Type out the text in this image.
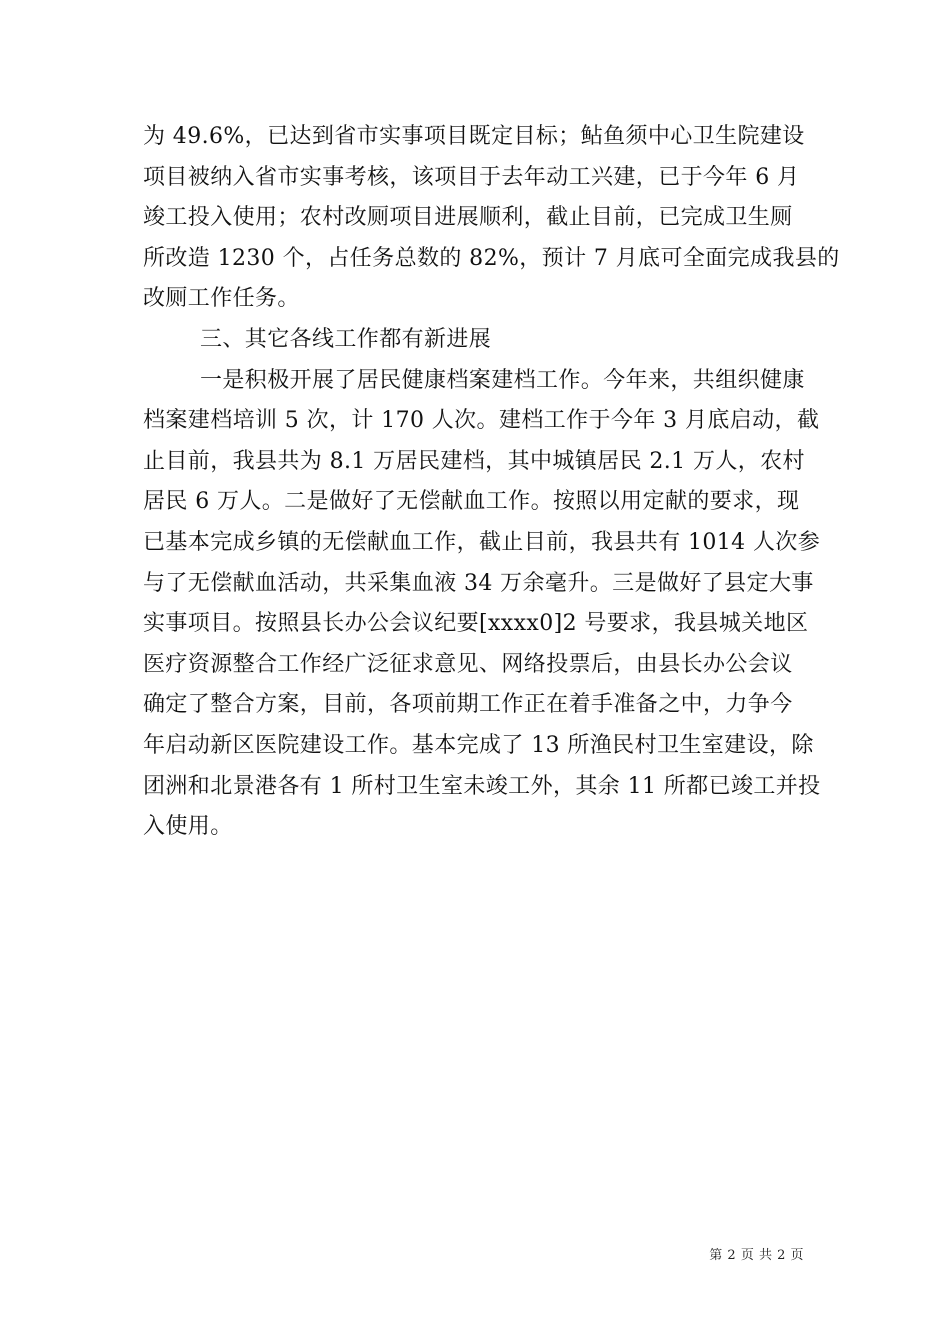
为 49.6%，已达到省市实事项目既定目标；鲇鱼须中心卫生院建设
项目被纳入省市实事考核，该项目于去年动工兴建，已于今年 6 月
竣工投入使用；农村改厕项目进展顺利，截止目前，已完成卫生厕
所改造 1230 个，占任务总数的 82%，预计 7 月底可全面完成我县的
改厕工作任务。
三、其它各线工作都有新进展
一是积极开展了居民健康档案建档工作。今年来，共组织健康
档案建档培训 5 次，计 170 人次。建档工作于今年 3 月底启动，截
止目前，我县共为 8.1 万居民建档，其中城镇居民 2.1 万人，农村
居民 6 万人。二是做好了无偿献血工作。按照以用定献的要求，现
已基本完成乡镇的无偿献血工作，截止目前，我县共有 1014 人次参
与了无偿献血活动，共采集血液 34 万余毫升。三是做好了县定大事
实事项目。按照县长办公会议纪要[xxxx0]2 号要求，我县城关地区
医疗资源整合工作经广泛征求意见、网络投票后，由县长办公会议
确定了整合方案，目前，各项前期工作正在着手准备之中，力争今
年启动新区医院建设工作。基本完成了 13 所渔民村卫生室建设，除
团洲和北景港各有 1 所村卫生室未竣工外，其余 11 所都已竣工并投
入使用。
第 2 页 共 2 页
